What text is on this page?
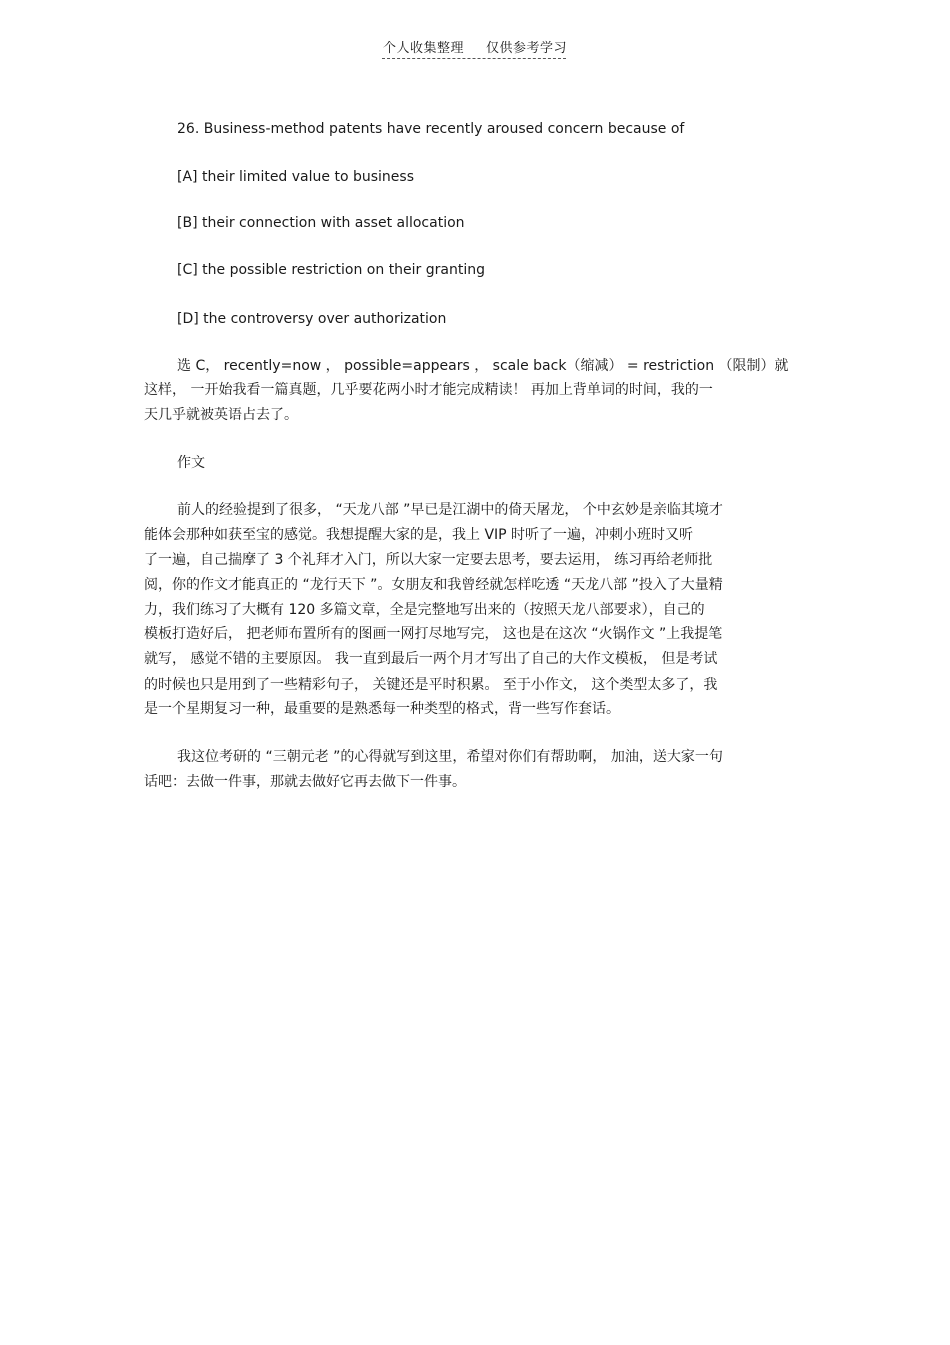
个人收集整理 仅供参考学习
26. Business-method patents have recently aroused concern because of
[A] their limited value to business
[B] their connection with asset allocation
[C] the possible restriction on their granting
[D] the controversy over authorization
选 C， recently=now ， possible=appears ， scale back（缩减） = restriction （限制）就
这样， 一开始我看一篇真题，几乎要花两小时才能完成精读！ 再加上背单词的时间，我的一
天几乎就被英语占去了。
作文
前人的经验提到了很多， “天龙八部 ”早已是江湖中的倚天屠龙， 个中玄妙是亲临其境才
能体会那种如获至宝的感觉。我想提醒大家的是，我上 VIP 时听了一遍，冲刺小班时又听
了一遍，自己揣摩了 3 个礼拜才入门，所以大家一定要去思考，要去运用， 练习再给老师批
阅，你的作文才能真正的 “龙行天下 ”。女朋友和我曾经就怎样吃透 “天龙八部 ”投入了大量精
力，我们练习了大概有 120 多篇文章，全是完整地写出来的（按照天龙八部要求），自己的
模板打造好后， 把老师布置所有的图画一网打尽地写完， 这也是在这次 “火锅作文 ”上我提笔
就写， 感觉不错的主要原因。 我一直到最后一两个月才写出了自己的大作文模板， 但是考试
的时候也只是用到了一些精彩句子， 关键还是平时积累。 至于小作文， 这个类型太多了，我
是一个星期复习一种，最重要的是熟悉每一种类型的格式，背一些写作套话。
我这位考研的 “三朝元老 ”的心得就写到这里，希望对你们有帮助啊， 加油，送大家一句
话吧：去做一件事，那就去做好它再去做下一件事。
